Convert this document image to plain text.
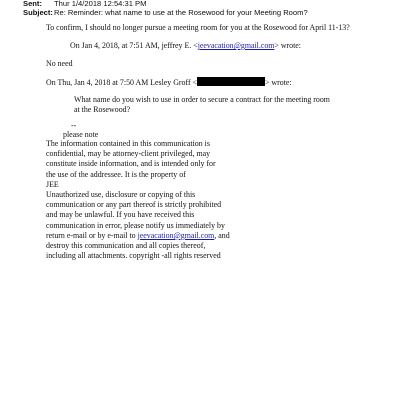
Sent: Thur 1/4/2018 12:54:31 PM
Subject:Re: Reminder: what name to use at the Rosewood for your Meeting Room?
To confirm, I should no longer pursue a meeting room for you at the Rosewood for April 11-13?
On Jan 4, 2018, at 7:51 AM, jeffrey E. <jeevacation@gmail.com> wrote:
No need
On Thu, Jan 4, 2018 at 7:50 AM Lesley Groff <	> wrote:
What name do you wish to use in order to secure a contract for the meeting room
at the Rosewood?
--
please note
The information contained in this communication is
confidential, may be attorney-client privileged, may
constitute inside information, and is intended only for
the use of the addressee. It is the property of
JEE
Unauthorized use, disclosure or copying of this
communication or any part thereof is strictly prohibited
and may be unlawful. If you have received this
communication in error, please notify us immediately by
return e-mail or by e-mail to jeevacation@gmail.com, and
destroy this communication and all copies thereof,
including all attachments. copyright -all rights reserved
